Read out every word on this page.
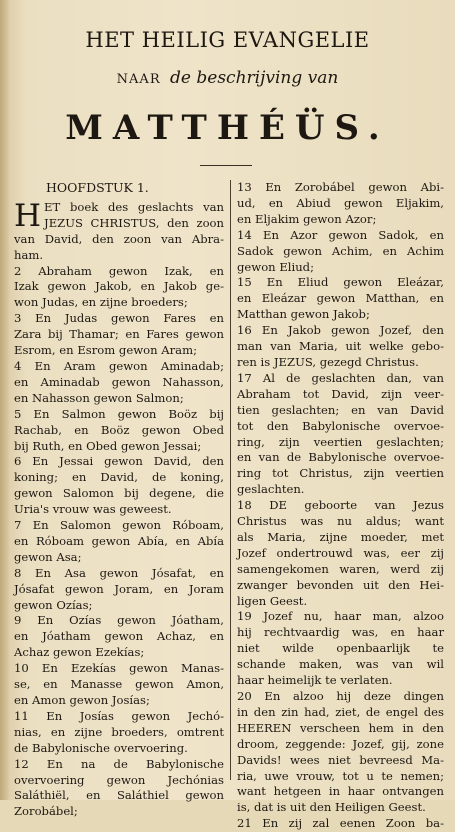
HET HEILIG EVANGELIE
NAAR de beschrijving van
MATTHÉÜS.
HOOFDSTUK 1.
H ET boek des geslachts van
JEZUS CHRISTUS, den zoon
van David, den zoon van Abra-
ham.
2 Abraham gewon Izak, en
Izak gewon Jakob, en Jakob ge-
won Judas, en zijne broeders;
3 En Judas gewon Fares en
Zara bij Thamar; en Fares gewon
Esrom, en Esrom gewon Aram;
4 En Aram gewon Aminadab;
en Aminadab gewon Nahasson,
en Nahasson gewon Salmon;
5 En Salmon gewon Boöz bij
Rachab, en Boöz gewon Obed
bij Ruth, en Obed gewon Jessai;
6 En Jessai gewon David, den
koning; en David, de koning,
gewon Salomon bij degene, die
Uria's vrouw was geweest.
7 En Salomon gewon Róboam,
en Róboam gewon Abía, en Abía
gewon Asa;
8 En Asa gewon Jósafat, en
Jósafat gewon Joram, en Joram
gewon Ozías;
9 En Ozías gewon Jóatham,
en Jóatham gewon Achaz, en
Achaz gewon Ezekías;
10 En Ezekías gewon Manas-
se, en Manasse gewon Amon,
en Amon gewon Josías;
11 En Josías gewon Jechó-
nias, en zijne broeders, omtrent
de Babylonische overvoering.
12 En na de Babylonische
overvoering gewon Jechónias
Saláthiël, en Saláthiel gewon
Zorobábel;
13 En Zorobábel gewon Abi-
ud, en Abiud gewon Eljakim,
en Eljakim gewon Azor;
14 En Azor gewon Sadok, en
Sadok gewon Achim, en Achim
gewon Eliud;
15 En Eliud gewon Eleázar,
en Eleázar gewon Matthan, en
Matthan gewon Jakob;
16 En Jakob gewon Jozef, den
man van Maria, uit welke gebo-
ren is JEZUS, gezegd Christus.
17 Al de geslachten dan, van
Abraham tot David, zijn veer-
tien geslachten; en van David
tot den Babylonische overvoe-
ring, zijn veertien geslachten;
en van de Babylonische overvoe-
ring tot Christus, zijn veertien
geslachten.
18 DE geboorte van Jezus
Christus was nu aldus; want
als Maria, zijne moeder, met
Jozef ondertrouwd was, eer zij
samengekomen waren, werd zij
zwanger bevonden uit den Hei-
ligen Geest.
19 Jozef nu, haar man, alzoo
hij rechtvaardig was, en haar
niet wilde openbaarlijk te
schande maken, was van wil
haar heimelijk te verlaten.
20 En alzoo hij deze dingen
in den zin had, ziet, de engel des
HEEREN verscheen hem in den
droom, zeggende: Jozef, gij, zone
Davids! wees niet bevreesd Ma-
ria, uwe vrouw, tot u te nemen;
want hetgeen in haar ontvangen
is, dat is uit den Heiligen Geest.
21 En zij zal eenen Zoon ba-
